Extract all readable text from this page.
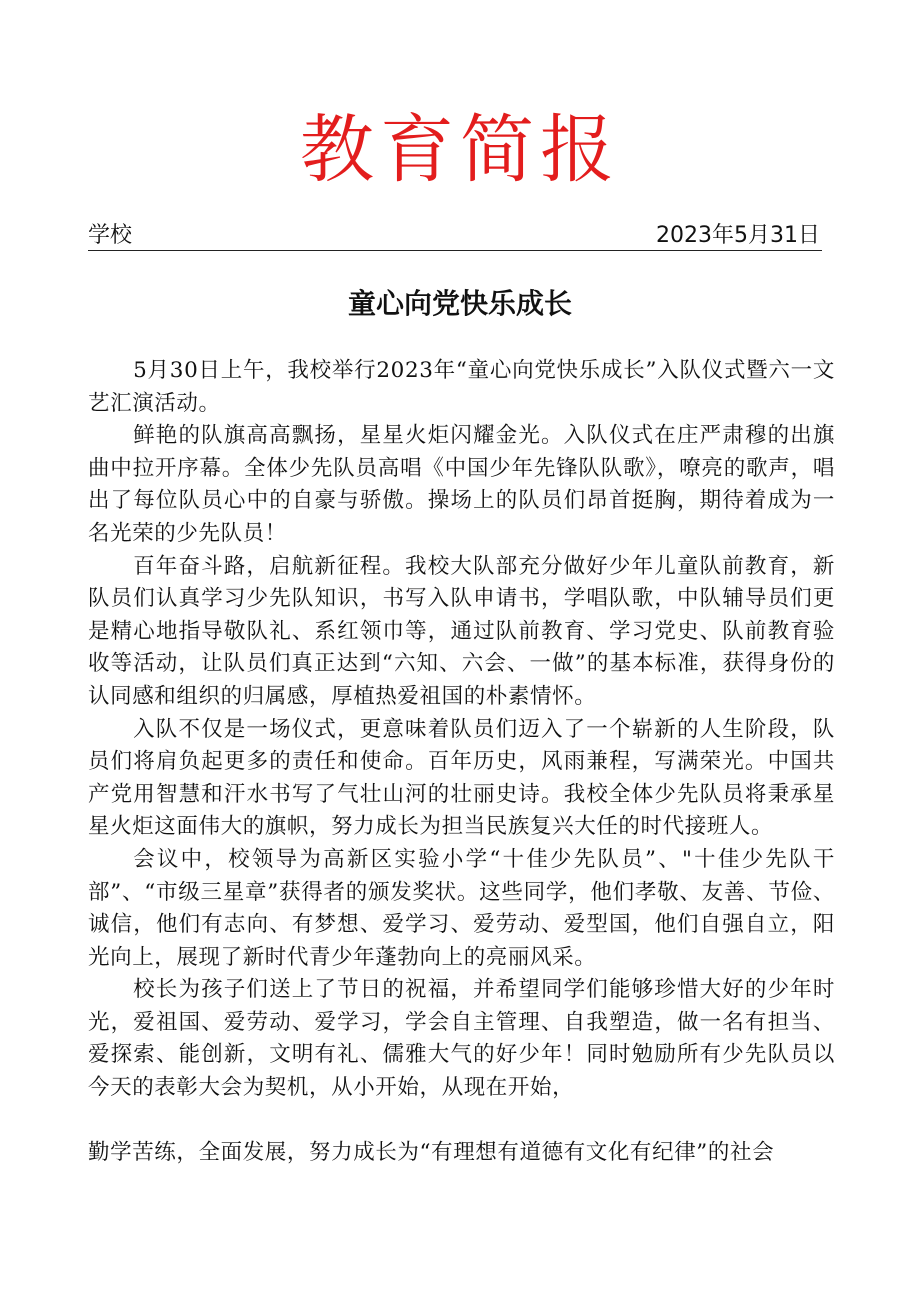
教育简报
学校	2023年5月31日
童心向党快乐成长

5月30日上午，我校举行2023年“童心向党快乐成长”入队仪式暨六一文艺汇演活动。

鲜艳的队旗高高飘扬，星星火炬闪耀金光。入队仪式在庄严肃穆的出旗曲中拉开序幕。全体少先队员高唱《中国少年先锋队队歌》，嘹亮的歌声，唱出了每位队员心中的自豪与骄傲。操场上的队员们昂首挺胸，期待着成为一名光荣的少先队员！

百年奋斗路，启航新征程。我校大队部充分做好少年儿童队前教育，新队员们认真学习少先队知识，书写入队申请书，学唱队歌，中队辅导员们更是精心地指导敬队礼、系红领巾等，通过队前教育、学习党史、队前教育验收等活动，让队员们真正达到“六知、六会、一做”的基本标准，获得身份的认同感和组织的归属感，厚植热爱祖国的朴素情怀。

入队不仅是一场仪式，更意味着队员们迈入了一个崭新的人生阶段，队员们将肩负起更多的责任和使命。百年历史，风雨兼程，写满荣光。中国共产党用智慧和汗水书写了气壮山河的壮丽史诗。我校全体少先队员将秉承星星火炬这面伟大的旗帜，努力成长为担当民族复兴大任的时代接班人。

会议中，校领导为高新区实验小学“十佳少先队员”、"十佳少先队干部”、“市级三星章”获得者的颁发奖状。这些同学，他们孝敬、友善、节俭、诚信，他们有志向、有梦想、爱学习、爱劳动、爱型国，他们自强自立，阳光向上，展现了新时代青少年蓬勃向上的亮丽风采。

校长为孩子们送上了节日的祝福，并希望同学们能够珍惜大好的少年时光，爱祖国、爱劳动、爱学习，学会自主管理、自我塑造，做一名有担当、爱探索、能创新，文明有礼、儒雅大气的好少年！同时勉励所有少先队员以今天的表彰大会为契机，从小开始，从现在开始，

勤学苦练，全面发展，努力成长为“有理想有道德有文化有纪律”的社会
